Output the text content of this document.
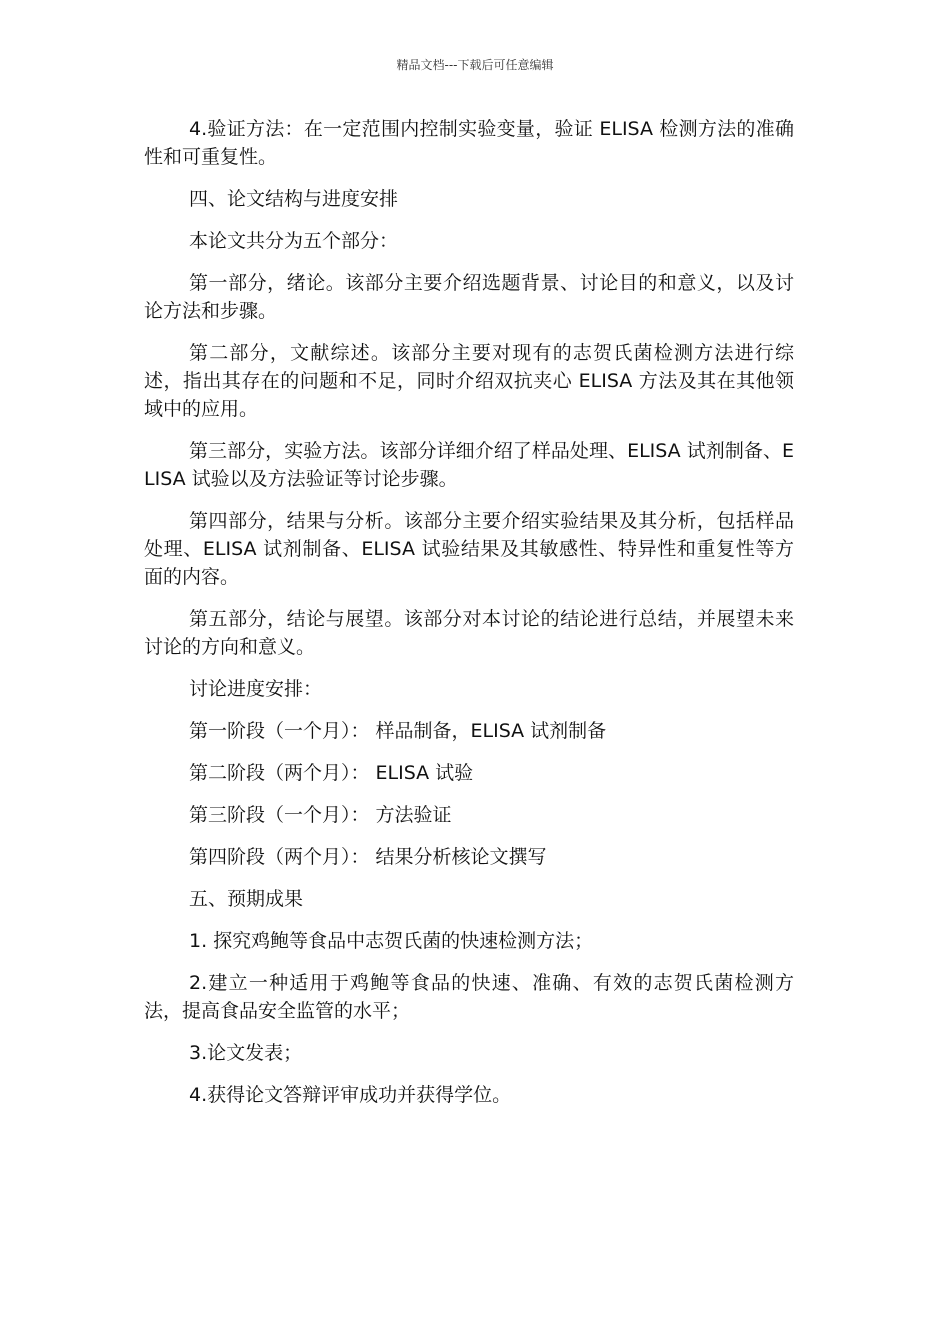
精品文档---下载后可任意编辑

4.验证方法：在一定范围内控制实验变量，验证 ELISA 检测方法的准确性和可重复性。

四、论文结构与进度安排

本论文共分为五个部分：

第一部分，绪论。该部分主要介绍选题背景、讨论目的和意义，以及讨论方法和步骤。

第二部分，文献综述。该部分主要对现有的志贺氏菌检测方法进行综述，指出其存在的问题和不足，同时介绍双抗夹心 ELISA 方法及其在其他领域中的应用。

第三部分，实验方法。该部分详细介绍了样品处理、ELISA 试剂制备、ELISA 试验以及方法验证等讨论步骤。

第四部分，结果与分析。该部分主要介绍实验结果及其分析，包括样品处理、ELISA 试剂制备、ELISA 试验结果及其敏感性、特异性和重复性等方面的内容。

第五部分，结论与展望。该部分对本讨论的结论进行总结，并展望未来讨论的方向和意义。

讨论进度安排：

第一阶段（一个月）： 样品制备，ELISA 试剂制备

第二阶段（两个月）： ELISA 试验

第三阶段（一个月）： 方法验证

第四阶段（两个月）： 结果分析核论文撰写

五、预期成果

1. 探究鸡鲍等食品中志贺氏菌的快速检测方法；

2.建立一种适用于鸡鲍等食品的快速、准确、有效的志贺氏菌检测方法，提高食品安全监管的水平；

3.论文发表；

4.获得论文答辩评审成功并获得学位。
